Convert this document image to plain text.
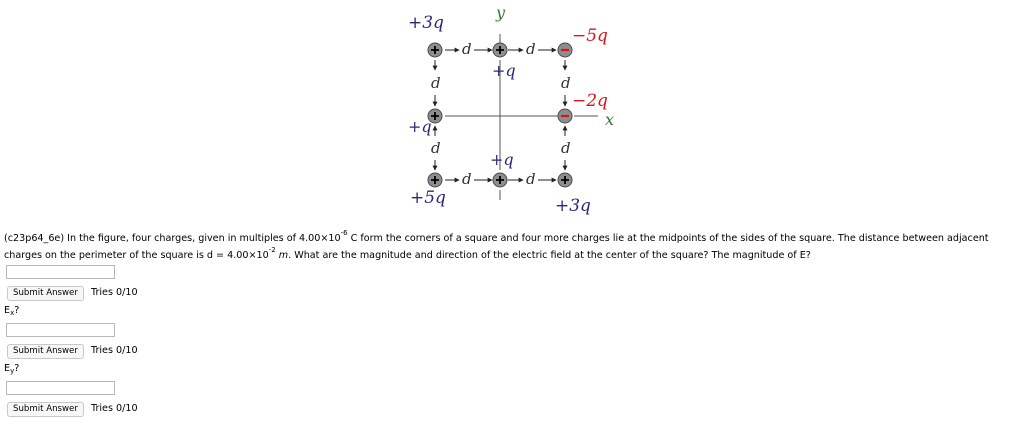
y
x
d	d
d	d
d
d
d
d
+3q
+q
−5q
+q
−2q
+5q
+q
+3q
(c23p64_6e) In the figure, four charges, given in multiples of $4.00\times 10^{-6}$ C form the corners of a square and four more charges lie at the midpoints of the sides of the square. The distance between adjacent charges on the perimeter of the square is $d = 4.00\times 10^{-2}$ m. What are the magnitude and direction of the electric field at the center of the square? The magnitude of E?
Submit Answer	Tries 0/10
$E_x$?
Submit Answer	Tries 0/10
$E_y$?
Submit Answer	Tries 0/10
